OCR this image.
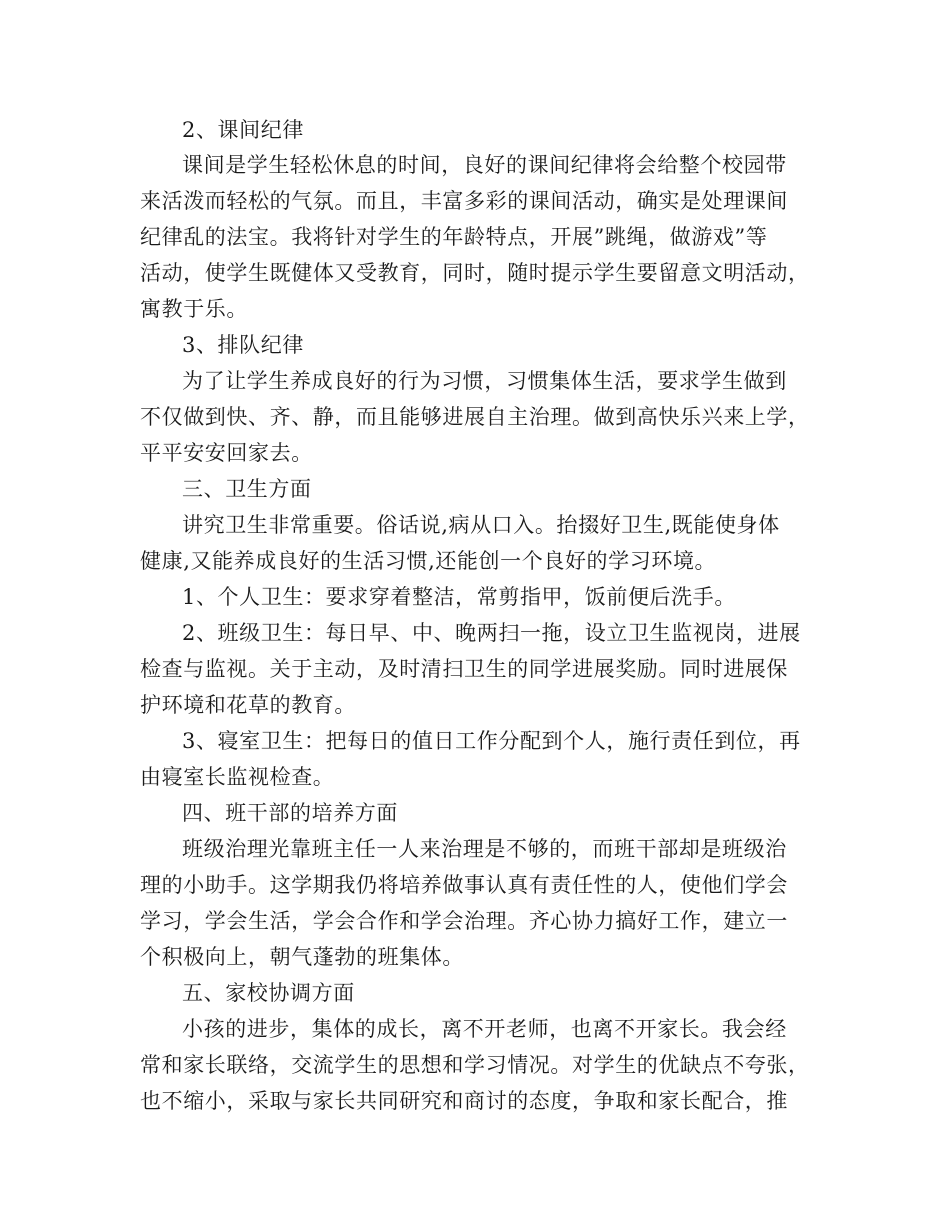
2、课间纪律
课间是学生轻松休息的时间，良好的课间纪律将会给整个校园带
来活泼而轻松的气氛。而且，丰富多彩的课间活动，确实是处理课间
纪律乱的法宝。我将针对学生的年龄特点，开展”跳绳，做游戏”等
活动，使学生既健体又受教育，同时，随时提示学生要留意文明活动，
寓教于乐。
3、排队纪律
为了让学生养成良好的行为习惯，习惯集体生活，要求学生做到
不仅做到快、齐、静，而且能够进展自主治理。做到高快乐兴来上学，
平平安安回家去。
三、卫生方面
讲究卫生非常重要。俗话说,病从口入。抬掇好卫生,既能使身体
健康,又能养成良好的生活习惯,还能创一个良好的学习环境。
1、个人卫生：要求穿着整洁，常剪指甲，饭前便后洗手。
2、班级卫生：每日早、中、晚两扫一拖，设立卫生监视岗，进展
检查与监视。关于主动，及时清扫卫生的同学进展奖励。同时进展保
护环境和花草的教育。
3、寝室卫生：把每日的值日工作分配到个人，施行责任到位，再
由寝室长监视检查。
四、班干部的培养方面
班级治理光靠班主任一人来治理是不够的，而班干部却是班级治
理的小助手。这学期我仍将培养做事认真有责任性的人，使他们学会
学习，学会生活，学会合作和学会治理。齐心协力搞好工作，建立一
个积极向上，朝气蓬勃的班集体。
五、家校协调方面
小孩的进步，集体的成长，离不开老师，也离不开家长。我会经
常和家长联络，交流学生的思想和学习情况。对学生的优缺点不夸张，
也不缩小，采取与家长共同研究和商讨的态度，争取和家长配合，推
